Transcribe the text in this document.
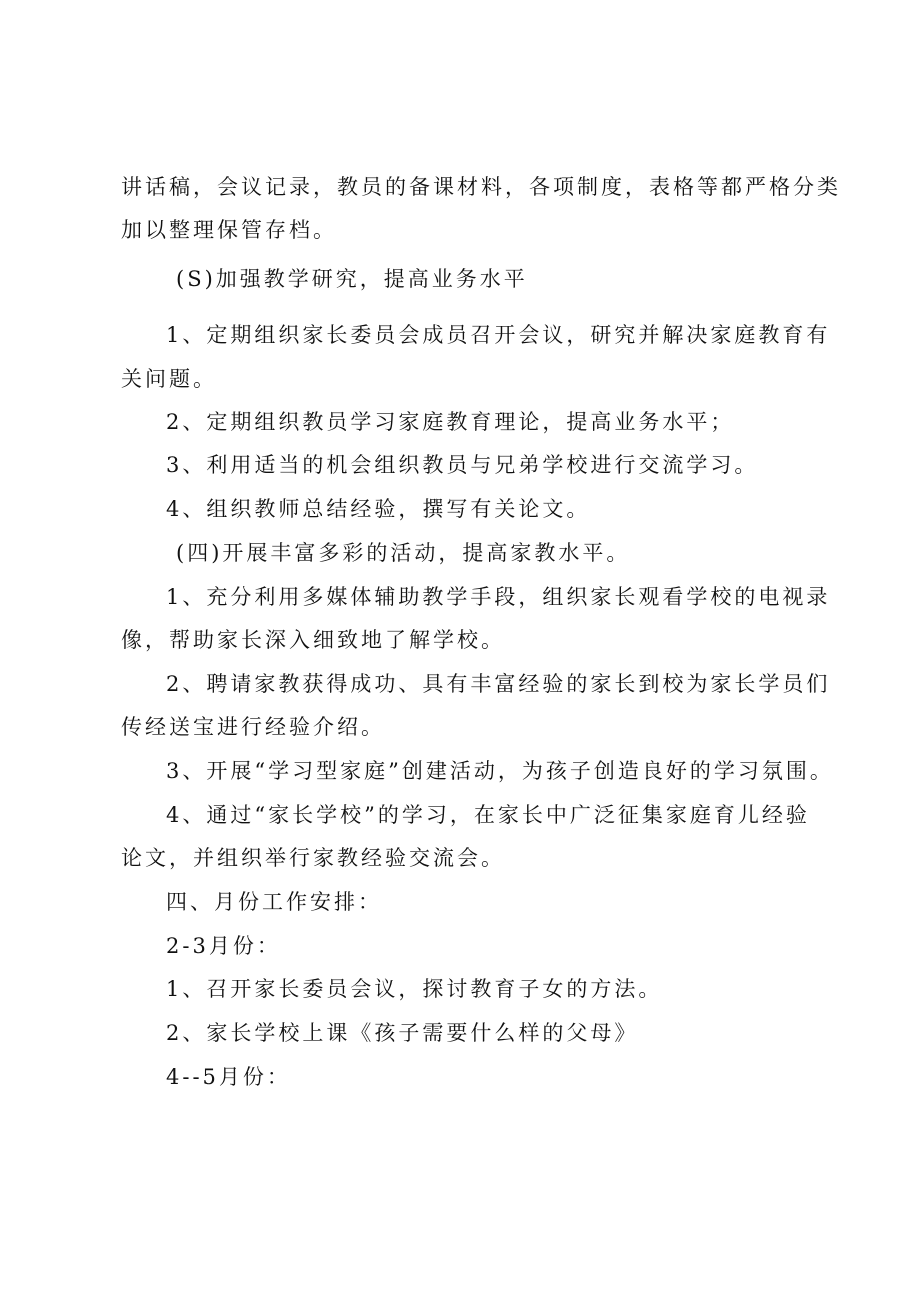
讲话稿，会议记录，教员的备课材料，各项制度，表格等都严格分类
加以整理保管存档。
(S)加强教学研究，提高业务水平
1、定期组织家长委员会成员召开会议，研究并解决家庭教育有
关问题。
2、定期组织教员学习家庭教育理论，提高业务水平；
3、利用适当的机会组织教员与兄弟学校进行交流学习。
4、组织教师总结经验，撰写有关论文。
(四)开展丰富多彩的活动，提高家教水平。
1、充分利用多媒体辅助教学手段，组织家长观看学校的电视录
像，帮助家长深入细致地了解学校。
2、聘请家教获得成功、具有丰富经验的家长到校为家长学员们
传经送宝进行经验介绍。
3、开展“学习型家庭”创建活动，为孩子创造良好的学习氛围。
4、通过“家长学校”的学习，在家长中广泛征集家庭育儿经验
论文，并组织举行家教经验交流会。
四、月份工作安排：
2-3月份：
1、召开家长委员会议，探讨教育子女的方法。
2、家长学校上课《孩子需要什么样的父母》
4--5月份：
